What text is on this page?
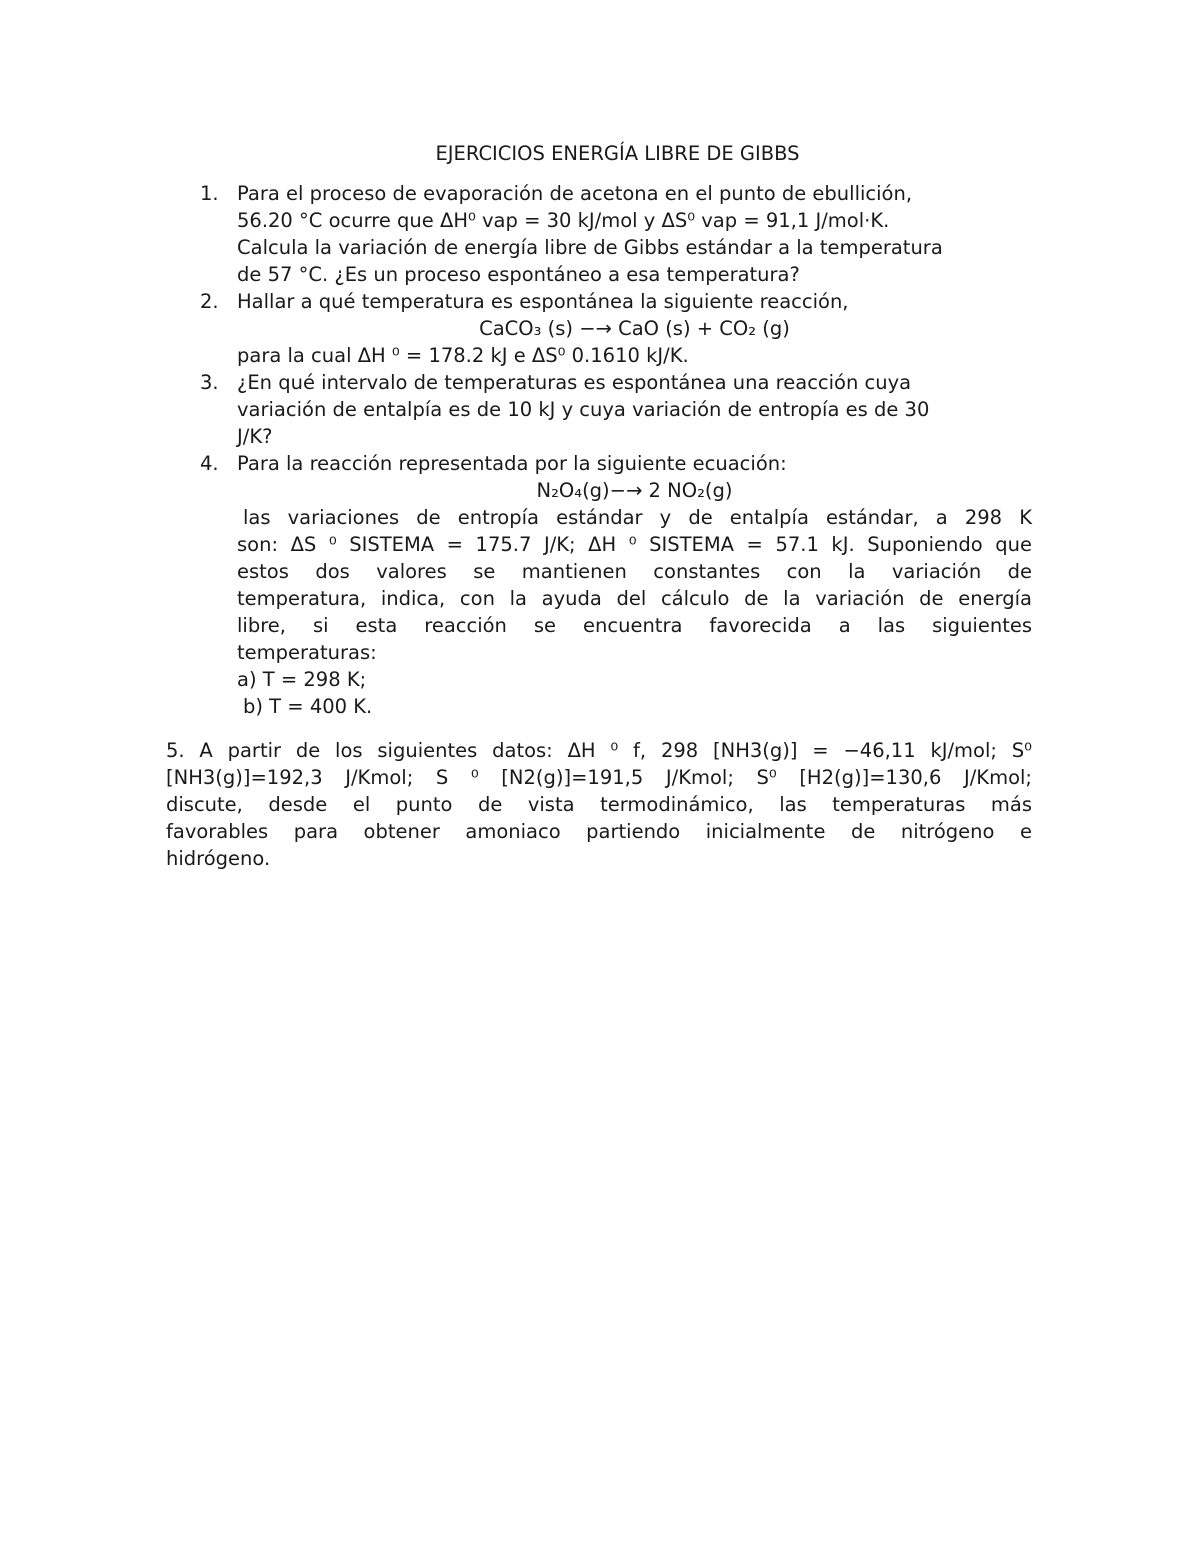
EJERCICIOS ENERGÍA LIBRE DE GIBBS
1. Para el proceso de evaporación de acetona en el punto de ebullición,
56.20 °C ocurre que ΔH⁰ vap = 30 kJ/mol y ΔS⁰ vap = 91,1 J/mol·K.
Calcula la variación de energía libre de Gibbs estándar a la temperatura
de 57 °C. ¿Es un proceso espontáneo a esa temperatura?
2. Hallar a qué temperatura es espontánea la siguiente reacción,
CaCO₃ (s) −→ CaO (s) + CO₂ (g)
para la cual ΔH ⁰ = 178.2 kJ e ΔS⁰ 0.1610 kJ/K.
3. ¿En qué intervalo de temperaturas es espontánea una reacción cuya
variación de entalpía es de 10 kJ y cuya variación de entropía es de 30
J/K?
4. Para la reacción representada por la siguiente ecuación:
N₂O₄(g)−→ 2 NO₂(g)
las variaciones de entropía estándar y de entalpía estándar, a 298 K
son: ΔS ⁰ SISTEMA = 175.7 J/K; ΔH ⁰ SISTEMA = 57.1 kJ. Suponiendo que
estos dos valores se mantienen constantes con la variación de
temperatura, indica, con la ayuda del cálculo de la variación de energía
libre, si esta reacción se encuentra favorecida a las siguientes
temperaturas:
a) T = 298 K;
b) T = 400 K.
5. A partir de los siguientes datos: ΔH ⁰ f, 298 [NH3(g)] = −46,11 kJ/mol; S⁰
[NH3(g)]=192,3 J/Kmol; S ⁰ [N2(g)]=191,5 J/Kmol; S⁰ [H2(g)]=130,6 J/Kmol;
discute, desde el punto de vista termodinámico, las temperaturas más
favorables para obtener amoniaco partiendo inicialmente de nitrógeno e
hidrógeno.
